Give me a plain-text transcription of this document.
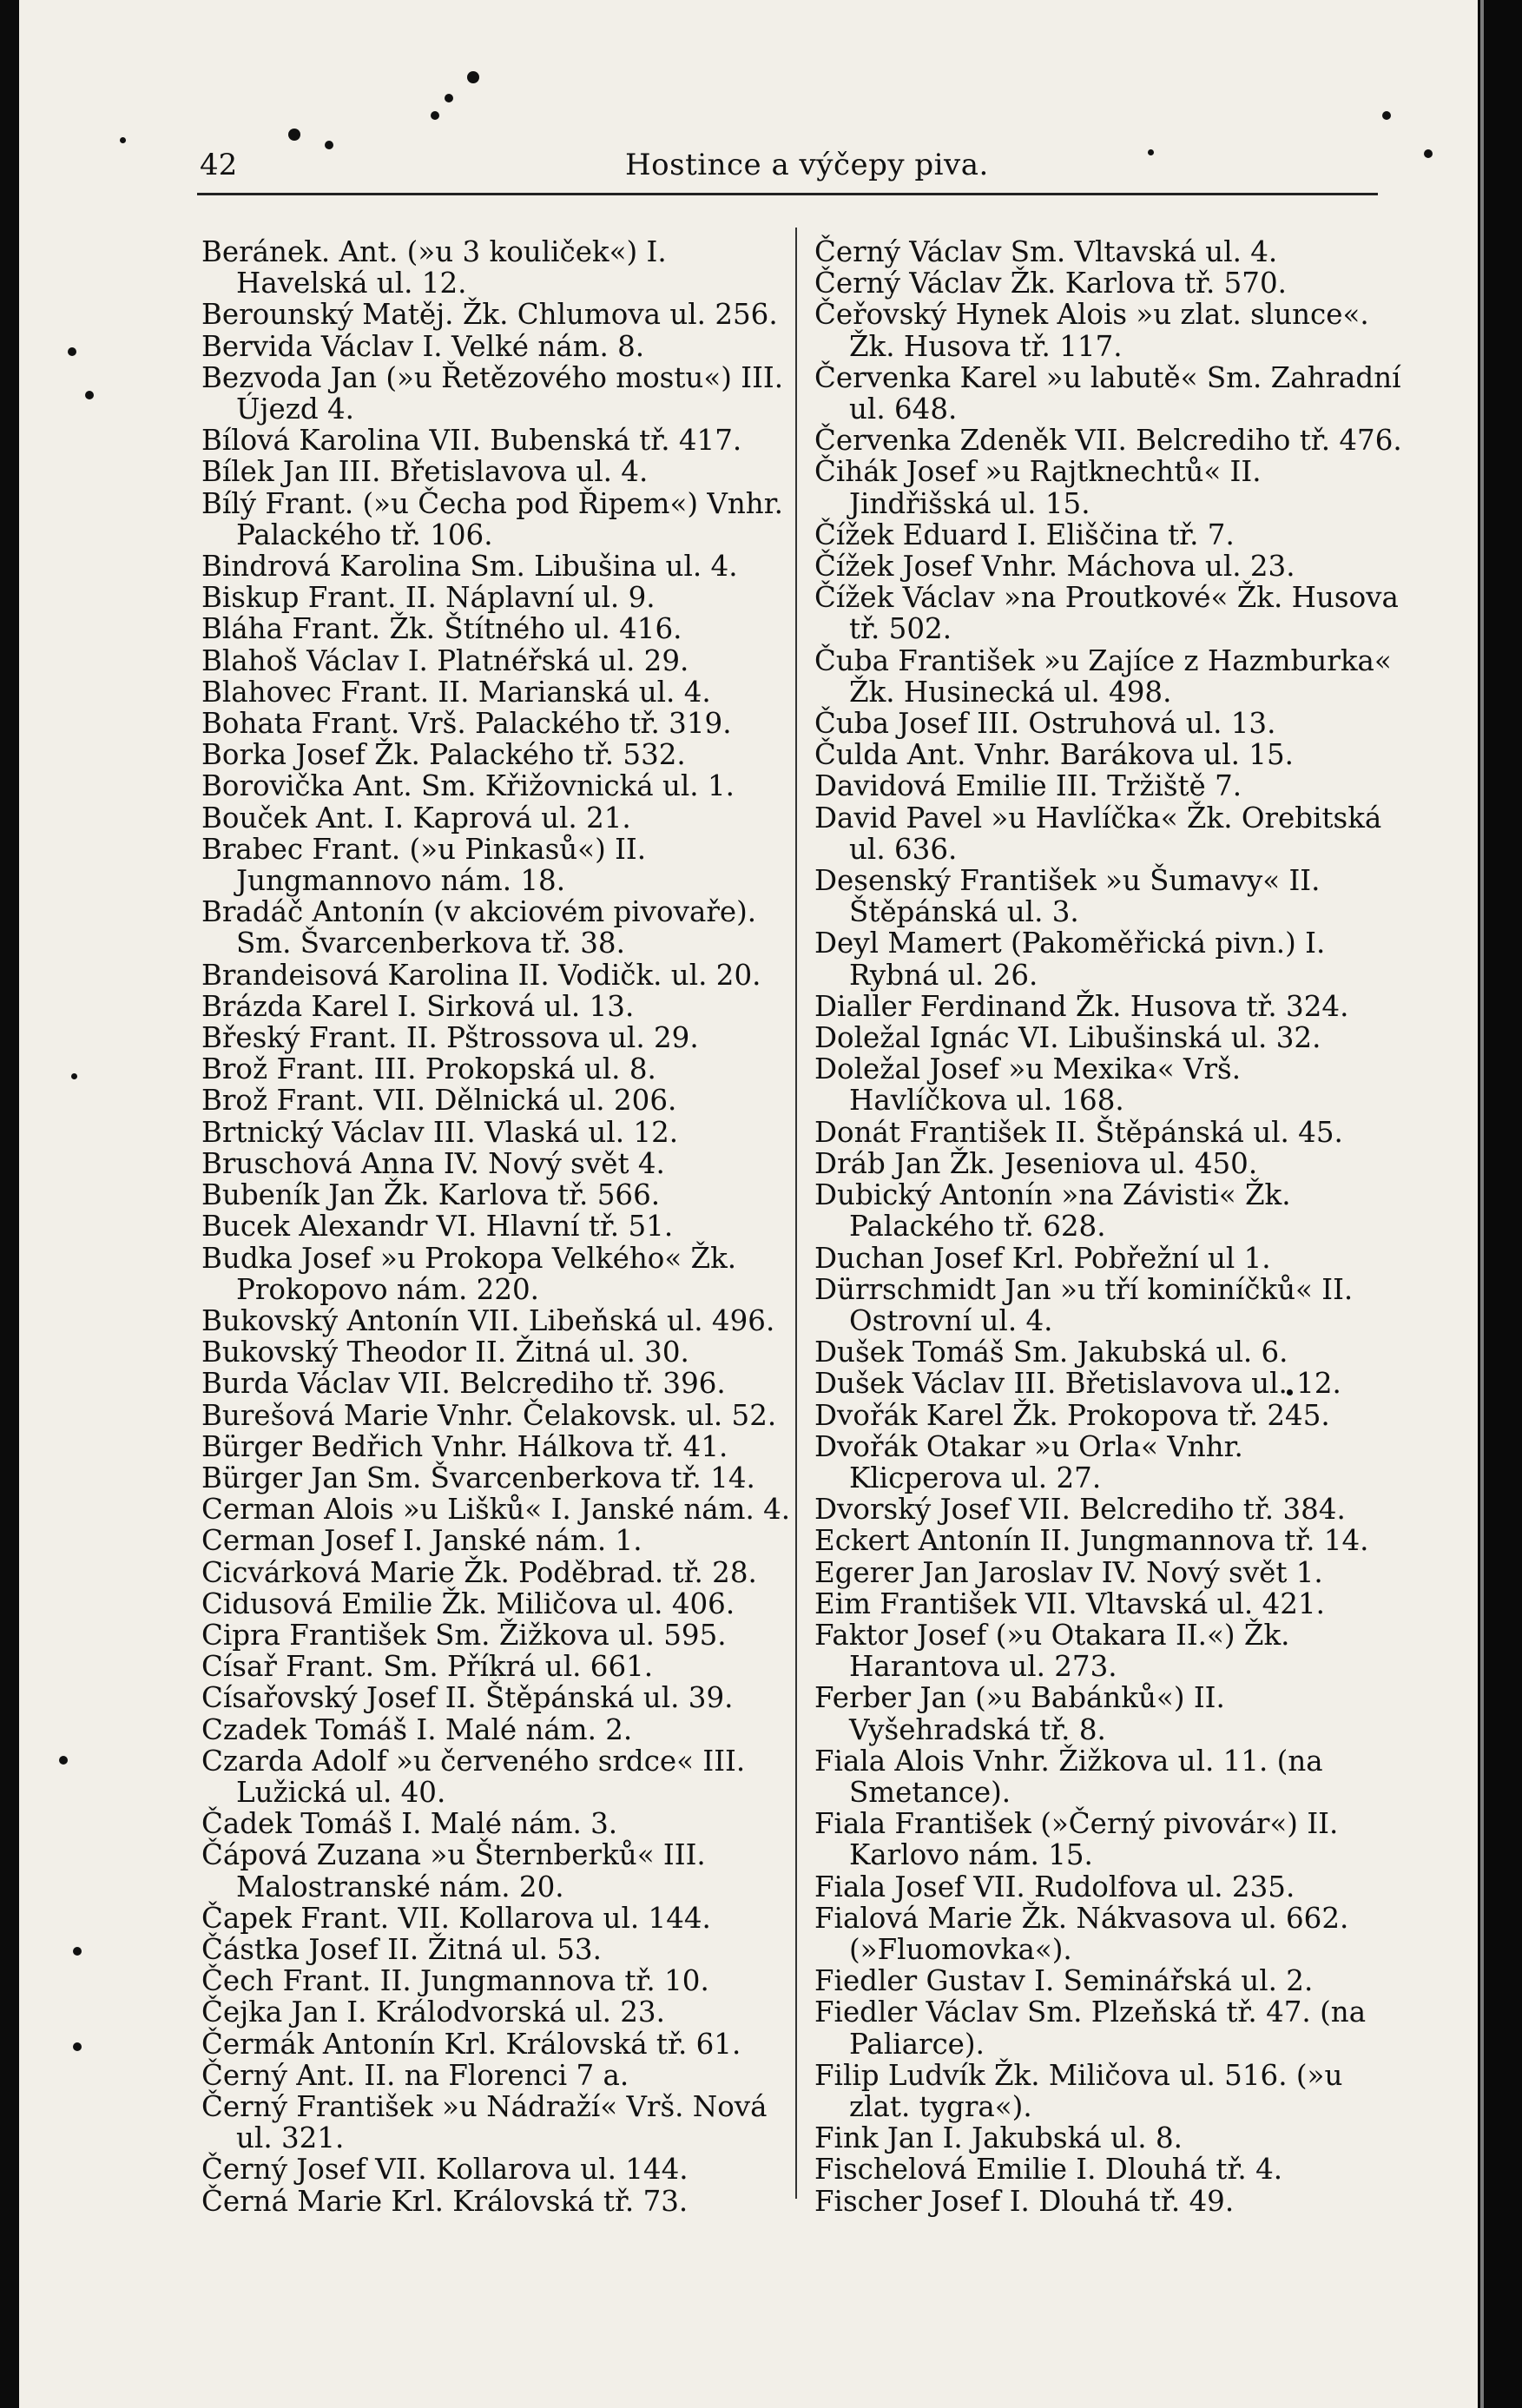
42	Hostince a výčepy piva.
Beránek. Ant. (»u 3 kouliček«) I. Havelská ul. 12.
Berounský Matěj. Žk. Chlumova ul. 256.
Bervida Václav I. Velké nám. 8.
Bezvoda Jan (»u Řetězového mostu«) III. Újezd 4.
Bílová Karolina VII. Bubenská tř. 417.
Bílek Jan III. Břetislavova ul. 4.
Bílý Frant. (»u Čecha pod Řipem«) Vnhr. Palackého tř. 106.
Bindrová Karolina Sm. Libušina ul. 4.
Biskup Frant. II. Náplavní ul. 9.
Bláha Frant. Žk. Štítného ul. 416.
Blahoš Václav I. Platnéřská ul. 29.
Blahovec Frant. II. Marianská ul. 4.
Bohata Frant. Vrš. Palackého tř. 319.
Borka Josef Žk. Palackého tř. 532.
Borovička Ant. Sm. Křižovnická ul. 1.
Bouček Ant. I. Kaprová ul. 21.
Brabec Frant. (»u Pinkasů«) II. Jungmannovo nám. 18.
Bradáč Antonín (v akciovém pivovaře). Sm. Švarcenberkova tř. 38.
Brandeisová Karolina II. Vodičk. ul. 20.
Brázda Karel I. Sirková ul. 13.
Břeský Frant. II. Pštrossova ul. 29.
Brož Frant. III. Prokopská ul. 8.
Brož Frant. VII. Dělnická ul. 206.
Brtnický Václav III. Vlaská ul. 12.
Bruschová Anna IV. Nový svět 4.
Bubeník Jan Žk. Karlova tř. 566.
Bucek Alexandr VI. Hlavní tř. 51.
Budka Josef »u Prokopa Velkého« Žk. Prokopovo nám. 220.
Bukovský Antonín VII. Libeňská ul. 496.
Bukovský Theodor II. Žitná ul. 30.
Burda Václav VII. Belcrediho tř. 396.
Burešová Marie Vnhr. Čelakovsk. ul. 52.
Bürger Bedřich Vnhr. Hálkova tř. 41.
Bürger Jan Sm. Švarcenberkova tř. 14.
Cerman Alois »u Lišků« I. Janské nám. 4.
Cerman Josef I. Janské nám. 1.
Cicvárková Marie Žk. Poděbrad. tř. 28.
Cidusová Emilie Žk. Miličova ul. 406.
Cipra František Sm. Žižkova ul. 595.
Císař Frant. Sm. Příkrá ul. 661.
Císařovský Josef II. Štěpánská ul. 39.
Czadek Tomáš I. Malé nám. 2.
Czarda Adolf »u červeného srdce« III. Lužická ul. 40.
Čadek Tomáš I. Malé nám. 3.
Čápová Zuzana »u Šternberků« III. Malostranské nám. 20.
Čapek Frant. VII. Kollarova ul. 144.
Částka Josef II. Žitná ul. 53.
Čech Frant. II. Jungmannova tř. 10.
Čejka Jan I. Králodvorská ul. 23.
Čermák Antonín Krl. Královská tř. 61.
Černý Ant. II. na Florenci 7 a.
Černý František »u Nádraží« Vrš. Nová ul. 321.
Černý Josef VII. Kollarova ul. 144.
Černá Marie Krl. Královská tř. 73.
Černý Václav Sm. Vltavská ul. 4.
Černý Václav Žk. Karlova tř. 570.
Čeřovský Hynek Alois »u zlat. slunce«. Žk. Husova tř. 117.
Červenka Karel »u labutě« Sm. Zahradní ul. 648.
Červenka Zdeněk VII. Belcrediho tř. 476.
Čihák Josef »u Rajtknechtů« II. Jindřišská ul. 15.
Čížek Eduard I. Eliščina tř. 7.
Čížek Josef Vnhr. Máchova ul. 23.
Čížek Václav »na Proutkové« Žk. Husova tř. 502.
Čuba František »u Zajíce z Hazmburka« Žk. Husinecká ul. 498.
Čuba Josef III. Ostruhová ul. 13.
Čulda Ant. Vnhr. Barákova ul. 15.
Davidová Emilie III. Tržiště 7.
David Pavel »u Havlíčka« Žk. Orebitská ul. 636.
Desenský František »u Šumavy« II. Štěpánská ul. 3.
Deyl Mamert (Pakoměřická pivn.) I. Rybná ul. 26.
Dialler Ferdinand Žk. Husova tř. 324.
Doležal Ignác VI. Libušinská ul. 32.
Doležal Josef »u Mexika« Vrš. Havlíčkova ul. 168.
Donát František II. Štěpánská ul. 45.
Dráb Jan Žk. Jeseniova ul. 450.
Dubický Antonín »na Závisti« Žk. Palackého tř. 628.
Duchan Josef Krl. Pobřežní ul 1.
Dürrschmidt Jan »u tří kominíčků« II. Ostrovní ul. 4.
Dušek Tomáš Sm. Jakubská ul. 6.
Dušek Václav III. Břetislavova ul. 12.
Dvořák Karel Žk. Prokopova tř. 245.
Dvořák Otakar »u Orla« Vnhr. Klicperova ul. 27.
Dvorský Josef VII. Belcrediho tř. 384.
Eckert Antonín II. Jungmannova tř. 14.
Egerer Jan Jaroslav IV. Nový svět 1.
Eim František VII. Vltavská ul. 421.
Faktor Josef (»u Otakara II.«) Žk. Harantova ul. 273.
Ferber Jan (»u Babánků«) II. Vyšehradská tř. 8.
Fiala Alois Vnhr. Žižkova ul. 11. (na Smetance).
Fiala František (»Černý pivovár«) II. Karlovo nám. 15.
Fiala Josef VII. Rudolfova ul. 235.
Fialová Marie Žk. Nákvasova ul. 662. (»Fluomovka«).
Fiedler Gustav I. Seminářská ul. 2.
Fiedler Václav Sm. Plzeňská tř. 47. (na Paliarce).
Filip Ludvík Žk. Miličova ul. 516. (»u zlat. tygra«).
Fink Jan I. Jakubská ul. 8.
Fischelová Emilie I. Dlouhá tř. 4.
Fischer Josef I. Dlouhá tř. 49.
